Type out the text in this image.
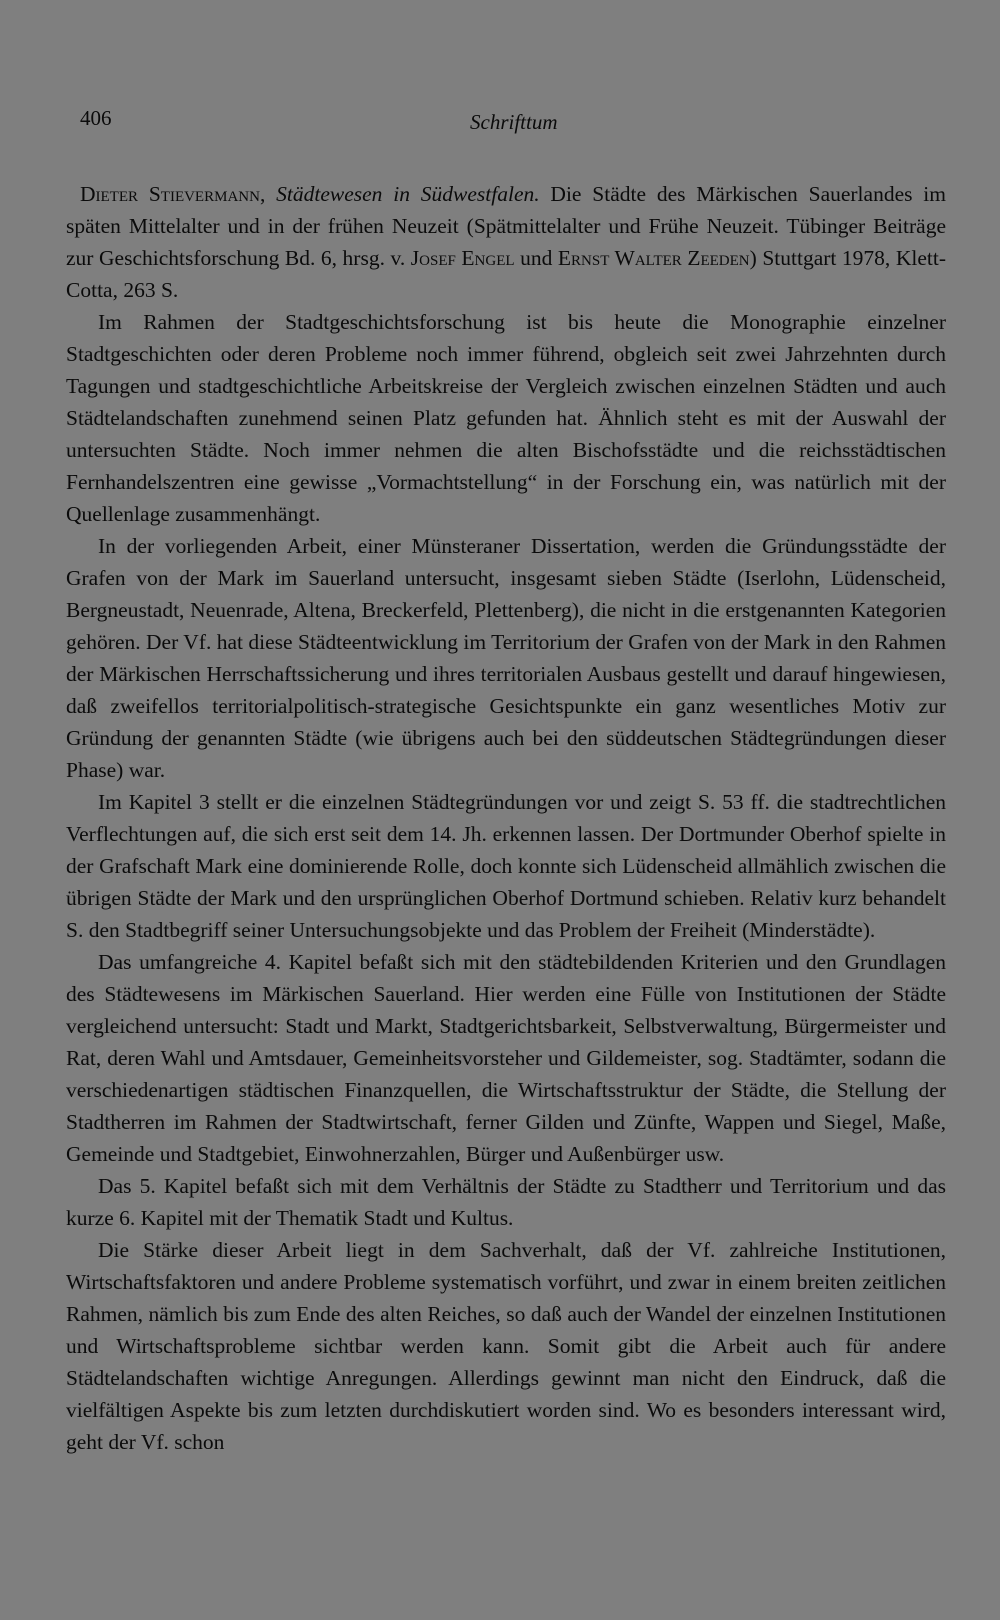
406	Schrifttum

Dieter Stievermann, Städtewesen in Südwestfalen. Die Städte des Märkischen Sauerlandes im späten Mittelalter und in der frühen Neuzeit (Spätmittelalter und Frühe Neuzeit. Tübinger Beiträge zur Geschichtsforschung Bd. 6, hrsg. v. Josef Engel und Ernst Walter Zeeden) Stuttgart 1978, Klett-Cotta, 263 S.

Im Rahmen der Stadtgeschichtsforschung ist bis heute die Monographie einzelner Stadtgeschichten oder deren Probleme noch immer führend, obgleich seit zwei Jahrzehnten durch Tagungen und stadtgeschichtliche Arbeitskreise der Vergleich zwischen einzelnen Städten und auch Städtelandschaften zunehmend seinen Platz gefunden hat. Ähnlich steht es mit der Auswahl der untersuchten Städte. Noch immer nehmen die alten Bischofsstädte und die reichsstädtischen Fernhandelszentren eine gewisse „Vormachtstellung“ in der Forschung ein, was natürlich mit der Quellenlage zusammenhängt.

In der vorliegenden Arbeit, einer Münsteraner Dissertation, werden die Gründungsstädte der Grafen von der Mark im Sauerland untersucht, insgesamt sieben Städte (Iserlohn, Lüdenscheid, Bergneustadt, Neuenrade, Altena, Breckerfeld, Plettenberg), die nicht in die erstgenannten Kategorien gehören. Der Vf. hat diese Städteentwicklung im Territorium der Grafen von der Mark in den Rahmen der Märkischen Herrschaftssicherung und ihres territorialen Ausbaus gestellt und darauf hingewiesen, daß zweifellos territorialpolitisch-strategische Gesichtspunkte ein ganz wesentliches Motiv zur Gründung der genannten Städte (wie übrigens auch bei den süddeutschen Städtegründungen dieser Phase) war.

Im Kapitel 3 stellt er die einzelnen Städtegründungen vor und zeigt S. 53 ff. die stadtrechtlichen Verflechtungen auf, die sich erst seit dem 14. Jh. erkennen lassen. Der Dortmunder Oberhof spielte in der Grafschaft Mark eine dominierende Rolle, doch konnte sich Lüdenscheid allmählich zwischen die übrigen Städte der Mark und den ursprünglichen Oberhof Dortmund schieben. Relativ kurz behandelt S. den Stadtbegriff seiner Untersuchungsobjekte und das Problem der Freiheit (Minderstädte).

Das umfangreiche 4. Kapitel befaßt sich mit den städtebildenden Kriterien und den Grundlagen des Städtewesens im Märkischen Sauerland. Hier werden eine Fülle von Institutionen der Städte vergleichend untersucht: Stadt und Markt, Stadtgerichtsbarkeit, Selbstverwaltung, Bürgermeister und Rat, deren Wahl und Amtsdauer, Gemeinheitsvorsteher und Gildemeister, sog. Stadtämter, sodann die verschiedenartigen städtischen Finanzquellen, die Wirtschaftsstruktur der Städte, die Stellung der Stadtherren im Rahmen der Stadtwirtschaft, ferner Gilden und Zünfte, Wappen und Siegel, Maße, Gemeinde und Stadtgebiet, Einwohnerzahlen, Bürger und Außenbürger usw.

Das 5. Kapitel befaßt sich mit dem Verhältnis der Städte zu Stadtherr und Territorium und das kurze 6. Kapitel mit der Thematik Stadt und Kultus.

Die Stärke dieser Arbeit liegt in dem Sachverhalt, daß der Vf. zahlreiche Institutionen, Wirtschaftsfaktoren und andere Probleme systematisch vorführt, und zwar in einem breiten zeitlichen Rahmen, nämlich bis zum Ende des alten Reiches, so daß auch der Wandel der einzelnen Institutionen und Wirtschaftsprobleme sichtbar werden kann. Somit gibt die Arbeit auch für andere Städtelandschaften wichtige Anregungen. Allerdings gewinnt man nicht den Eindruck, daß die vielfältigen Aspekte bis zum letzten durchdiskutiert worden sind. Wo es besonders interessant wird, geht der Vf. schon
